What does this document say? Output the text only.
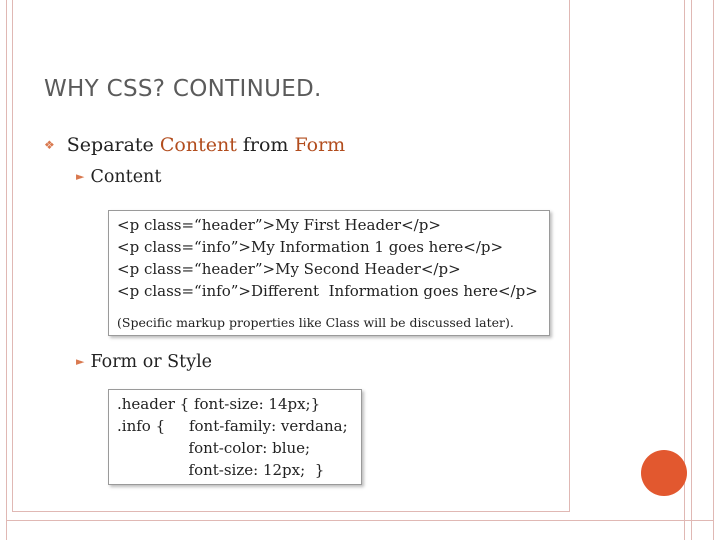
WHY CSS? CONTINUED.
❖ Separate Content from Form
► Content
<p class=“header”>My First Header</p>
<p class=“info”>My Information 1 goes here</p>
<p class=“header”>My Second Header</p>
<p class=“info”>Different  Information goes here</p>
(Specific markup properties like Class will be discussed later).
► Form or Style
.header { font-size: 14px;}
.info {     font-family: verdana;
font-color: blue;
font-size: 12px;  }
